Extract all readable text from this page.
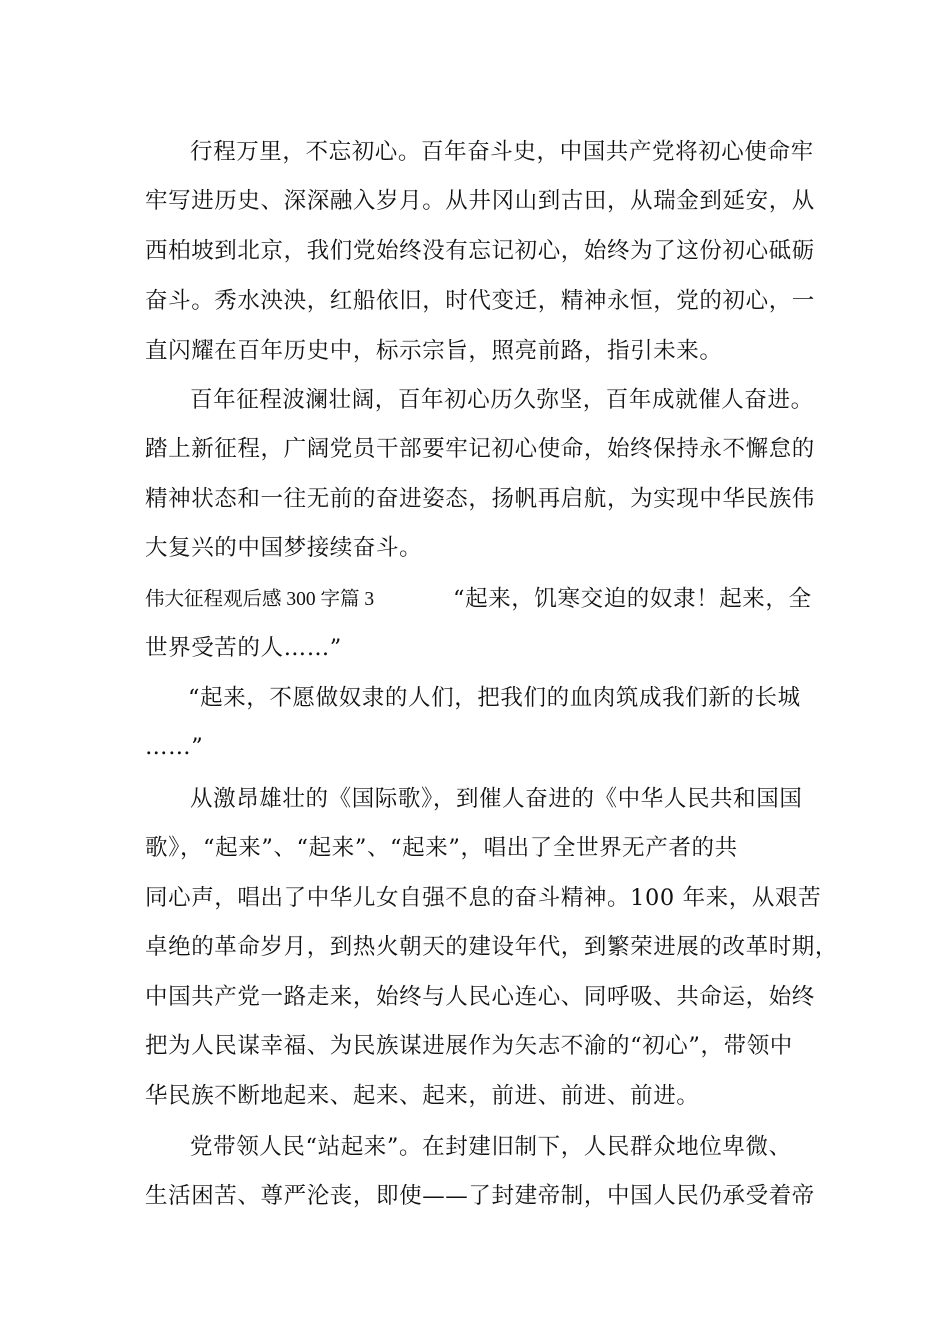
行程万里，不忘初心。百年奋斗史，中国共产党将初心使命牢
牢写进历史、深深融入岁月。从井冈山到古田，从瑞金到延安，从
西柏坡到北京，我们党始终没有忘记初心，始终为了这份初心砥砺
奋斗。秀水泱泱，红船依旧，时代变迁，精神永恒，党的初心，一
直闪耀在百年历史中，标示宗旨，照亮前路，指引未来。
百年征程波澜壮阔，百年初心历久弥坚，百年成就催人奋进。
踏上新征程，广阔党员干部要牢记初心使命，始终保持永不懈怠的
精神状态和一往无前的奋进姿态，扬帆再启航，为实现中华民族伟
大复兴的中国梦接续奋斗。
伟大征程观后感 300 字篇 3	“起来，饥寒交迫的奴隶！起来，全
世界受苦的人……”
“起来，不愿做奴隶的人们，把我们的血肉筑成我们新的长城
……”
从激昂雄壮的《国际歌》，到催人奋进的《中华人民共和国国
歌》，“起来”、“起来”、“起来”，唱出了全世界无产者的共
同心声，唱出了中华儿女自强不息的奋斗精神。100 年来，从艰苦
卓绝的革命岁月，到热火朝天的建设年代，到繁荣进展的改革时期，
中国共产党一路走来，始终与人民心连心、同呼吸、共命运，始终
把为人民谋幸福、为民族谋进展作为矢志不渝的“初心”，带领中
华民族不断地起来、起来、起来，前进、前进、前进。
党带领人民“站起来”。在封建旧制下，人民群众地位卑微、
生活困苦、尊严沦丧，即使——了封建帝制，中国人民仍承受着帝
